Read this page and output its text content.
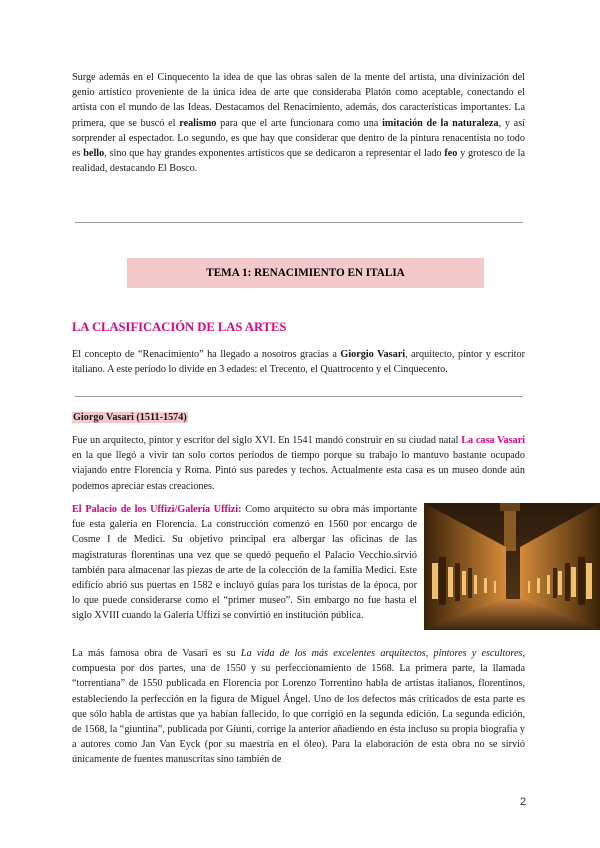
Surge además en el Cinquecento la idea de que las obras salen de la mente del artista, una divinización del genio artístico proveniente de la única idea de arte que consideraba Platón como aceptable, conectando el artista con el mundo de las Ideas. Destacamos del Renacimiento, además, dos características importantes. La primera, que se buscó el realismo para que el arte funcionara como una imitación de la naturaleza, y así sorprender al espectador. Lo segundo, es que hay que considerar que dentro de la pintura renacentista no todo es bello, sino que hay grandes exponentes artísticos que se dedicaron a representar el lado feo y grotesco de la realidad, destacando El Bosco.

TEMA 1: RENACIMIENTO EN ITALIA
LA CLASIFICACIÓN DE LAS ARTES

El concepto de “Renacimiento” ha llegado a nosotros gracias a Giorgio Vasari, arquitecto, pintor y escritor italiano. A este período lo divide en 3 edades: el Trecento, el Quattrocento y el Cinquecento.

Giorgo Vasari (1511-1574)

Fue un arquitecto, pintor y escritor del siglo XVI. En 1541 mandó construir en su ciudad natal La casa Vasari en la que llegó a vivir tan solo cortos períodos de tiempo porque su trabajo lo mantuvo bastante ocupado viajando entre Florencia y Roma. Pintó sus paredes y techos. Actualmente esta casa es un museo donde aún podemos apreciar estas creaciones.

El Palacio de los Uffizi/Galería Uffizi: Como arquitecto su obra más importante fue esta galería en Florencia. La construcción comenzó en 1560 por encargo de Cosme I de Medici. Su objetivo principal era albergar las oficinas de las magistraturas florentinas una vez que se quedó pequeño el Palacio Vecchio.sirvió también para almacenar las piezas de arte de la colección de la familia Medici. Este edificio abrió sus puertas en 1582 e incluyó guías para los turistas de la época, por lo que puede considerarse como el “primer museo”. Sin embargo no fue hasta el siglo XVIII cuando la Galería Uffizi se convirtió en institución pública.

La más famosa obra de Vasari es su La vida de los más excelentes arquitectos, pintores y escultores, compuesta por dos partes, una de 1550 y su perfeccionamiento de 1568. La primera parte, la llamada “torrentiana” de 1550 publicada en Florencia por Lorenzo Torrentino habla de artistas italianos, florentinos, estableciendo la perfección en la figura de Miguel Ángel. Uno de los defectos más criticados de esta parte es que sólo habla de artistas que ya habían fallecido, lo que corrigió en la segunda edición. La segunda edición, de 1568, la “giuntina”, publicada por Giunti, corrige la anterior añadiendo en ésta incluso su propia biografía y a autores como Jan Van Eyck (por su maestría en el óleo). Para la elaboración de esta obra no se sirvió únicamente de fuentes manuscritas sino también de

2
